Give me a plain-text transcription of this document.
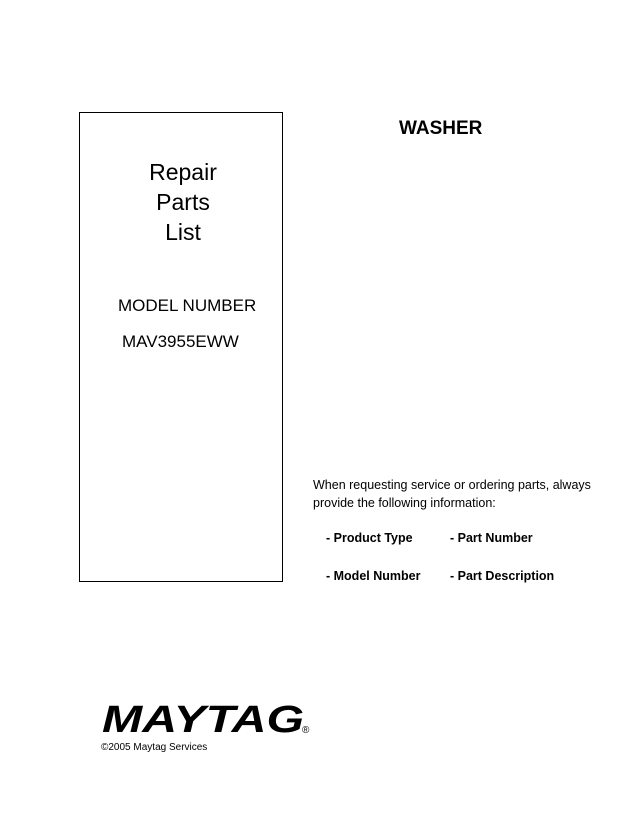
Repair
Parts
List
MODEL NUMBER
MAV3955EWW
WASHER
When requesting service or ordering parts, always provide the following information:
- Product Type	- Part Number
- Model Number - Part Description
MAYTAG
®
©2005 Maytag Services
